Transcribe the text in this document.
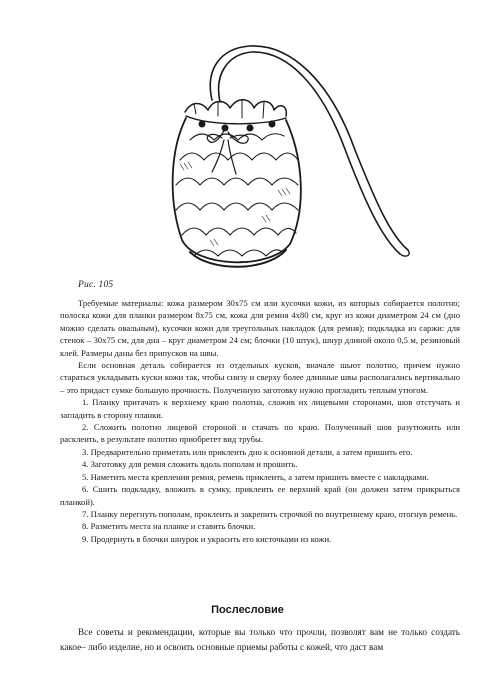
Рис. 105

Требуемые материалы: кожа размером 30х75 см или кусочки кожи, из которых собирается полотно; полоска кожи для планки размером 8х75 см, кожа для ремня 4х80 см, круг из кожи диаметром 24 см (дно можно сделать овальным), кусочки кожи для треугольных накладок (для ремня); подкладка из саржи: для стенок – 30х75 см, для дна – круг диаметром 24 см; блочки (10 штук), шнур длиной около 0,5 м, резиновый клей. Размеры даны без припусков на швы.

Если основная деталь собирается из отдельных кусков, вначале шьют полотно, причем нужно стараться укладывать куски кожи так, чтобы снизу и сверху более длинные швы располагались вертикально – это придаст сумке большую прочность. Полученную заготовку нужно прогладить теплым утюгом.

1. Планку притачать к верхнему краю полотна, сложив их лицевыми сторонами, шов отстучать и загладить в сторону планки.

2. Сложить полотно лицевой стороной и стачать по краю. Полученный шов разутюжить или расклеить, в результате полотно приобретет вид трубы.

3. Предварительно приметать или приклеить дно к основной детали, а затем пришить его.

4. Заготовку для ремня сложить вдоль пополам и прошить.

5. Наметить места крепления ремня, ремень приклеить, а затем пришить вместе с накладками.

6. Сшить подкладку, вложить в сумку, приклеить ее верхний край (он должен затем прикрыться планкой).

7. Планку перегнуть пополам, проклеить и закрепить строчкой по внутреннему краю, отогнув ремень.

8. Разметить места на планке и ставить блочки.

9. Продернуть в блочки шнурок и украсить его кисточками из кожи.

Послесловие

Все советы и рекомендации, которые вы только что прочли, позволят вам не только создать какое– либо изделие, но и освоить основные приемы работы с кожей, что даст вам
